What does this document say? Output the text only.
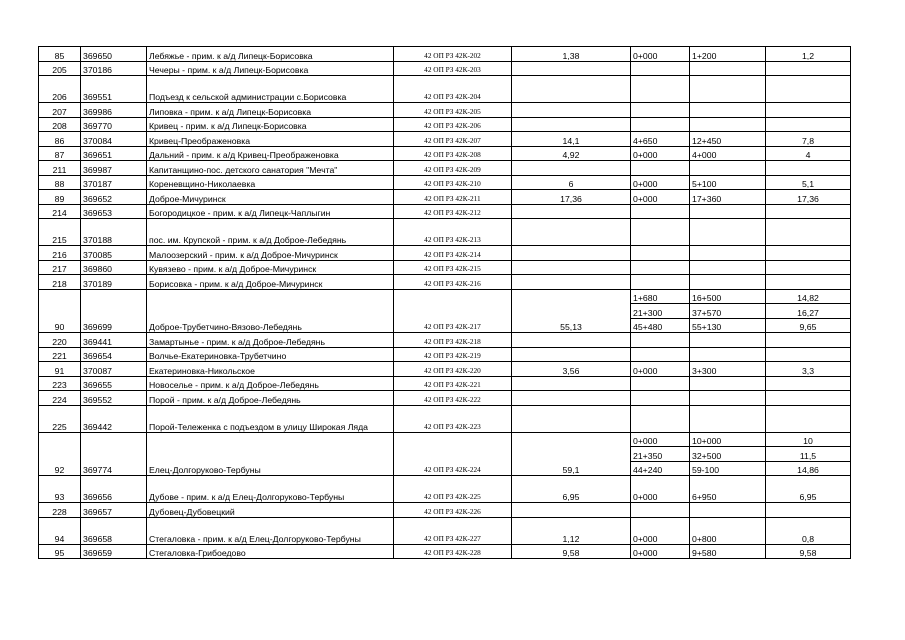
85	369650	Лебяжье - прим. к а/д Липецк-Борисовка	42 ОП РЗ 42К-202	1,38	0+000	1+200	1,2
205	370186	Чечеры - прим. к а/д Липецк-Борисовка	42 ОП РЗ 42К-203				
206	369551	Подъезд к сельской администрации с.Борисовка	42 ОП РЗ 42К-204				
207	369986	Липовка - прим. к а/д Липецк-Борисовка	42 ОП РЗ 42К-205				
208	369770	Кривец - прим. к а/д Липецк-Борисовка	42 ОП РЗ 42К-206				
86	370084	Кривец-Преображеновка	42 ОП РЗ 42К-207	14,1	4+650	12+450	7,8
87	369651	Дальний - прим. к а/д Кривец-Преображеновка	42 ОП РЗ 42К-208	4,92	0+000	4+000	4
211	369987	Капитанщино-пос. детского санатория "Мечта"	42 ОП РЗ 42К-209				
88	370187	Кореневщино-Николаевка	42 ОП РЗ 42К-210	6	0+000	5+100	5,1
89	369652	Доброе-Мичуринск	42 ОП РЗ 42К-211	17,36	0+000	17+360	17,36
214	369653	Богородицкое - прим. к а/д Липецк-Чаплыгин	42 ОП РЗ 42К-212				
215	370188	пос. им. Крупской - прим. к а/д Доброе-Лебедянь	42 ОП РЗ 42К-213				
216	370085	Малоозерский - прим. к а/д Доброе-Мичуринск	42 ОП РЗ 42К-214				
217	369860	Кувязево - прим. к а/д Доброе-Мичуринск	42 ОП РЗ 42К-215				
218	370189	Борисовка - прим. к а/д Доброе-Мичуринск	42 ОП РЗ 42К-216				
90	369699	Доброе-Трубетчино-Вязово-Лебедянь	42 ОП РЗ 42К-217	55,13	1+680	16+500	14,82
					21+300	37+570	16,27
					45+480	55+130	9,65
220	369441	Замартынье - прим. к а/д Доброе-Лебедянь	42 ОП РЗ 42К-218				
221	369654	Волчье-Екатериновка-Трубетчино	42 ОП РЗ 42К-219				
91	370087	Екатериновка-Никольское	42 ОП РЗ 42К-220	3,56	0+000	3+300	3,3
223	369655	Новоселье - прим. к а/д Доброе-Лебедянь	42 ОП РЗ 42К-221				
224	369552	Порой - прим. к а/д Доброе-Лебедянь	42 ОП РЗ 42К-222				
225	369442	Порой-Тележенка с подъездом в улицу Широкая Ляда	42 ОП РЗ 42К-223				
92	369774	Елец-Долгоруково-Тербуны	42 ОП РЗ 42К-224	59,1	0+000	10+000	10
					21+350	32+500	11,5
					44+240	59-100	14,86
93	369656	Дубове - прим. к а/д Елец-Долгоруково-Тербуны	42 ОП РЗ 42К-225	6,95	0+000	6+950	6,95
228	369657	Дубовец-Дубовецкий	42 ОП РЗ 42К-226				
94	369658	Стегаловка - прим. к а/д Елец-Долгоруково-Тербуны	42 ОП РЗ 42К-227	1,12	0+000	0+800	0,8
95	369659	Стегаловка-Грибоедово	42 ОП РЗ 42К-228	9,58	0+000	9+580	9,58
